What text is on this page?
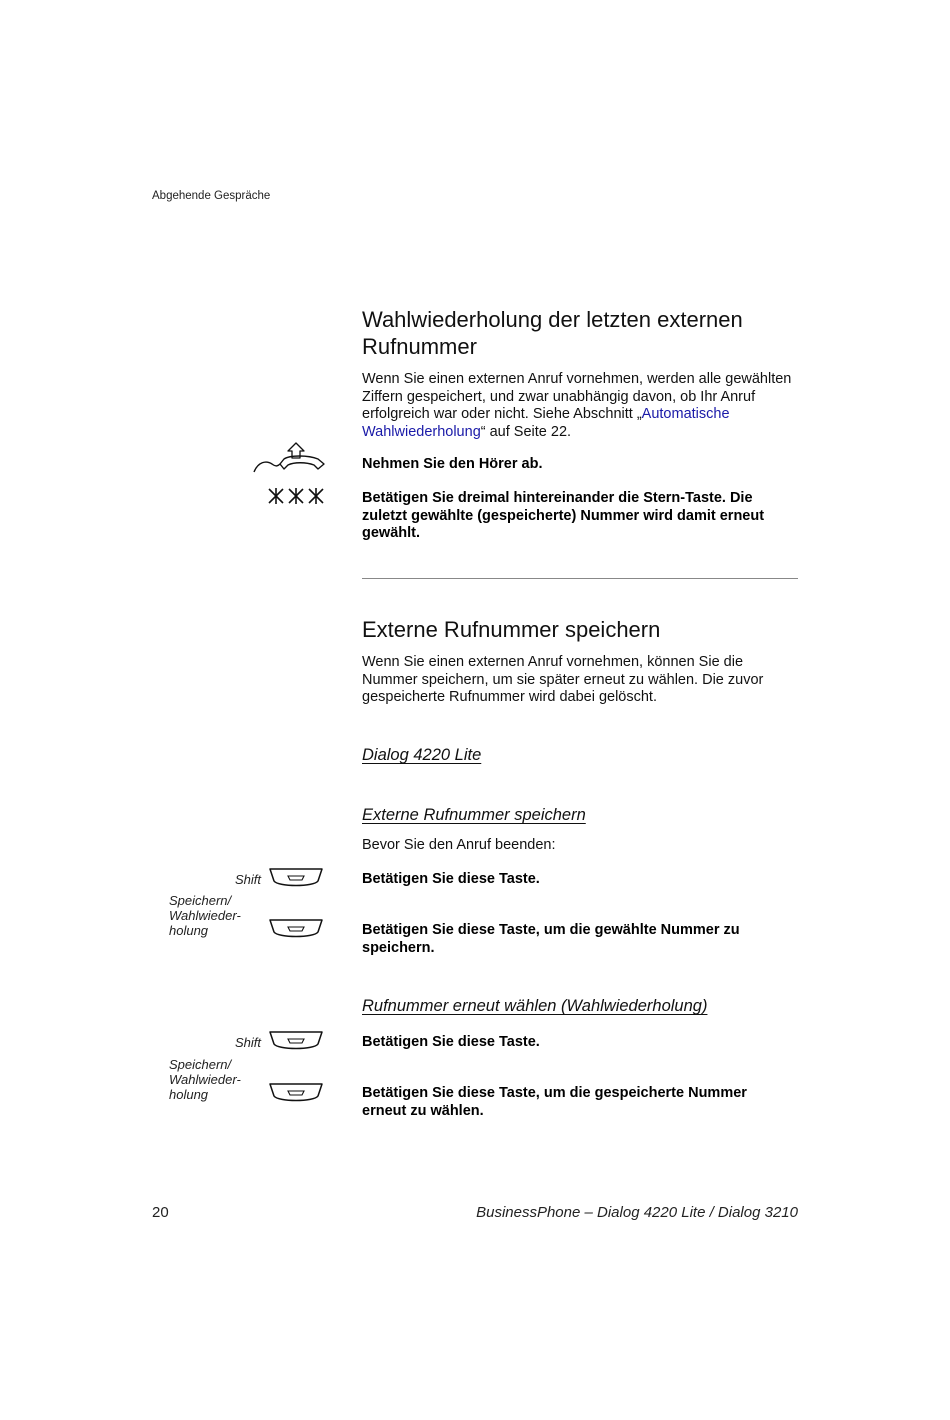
Abgehende Gespräche
Wahlwiederholung der letzten externen
Rufnummer
Wenn Sie einen externen Anruf vornehmen, werden alle gewählten
Ziffern gespeichert, und zwar unabhängig davon, ob Ihr Anruf
erfolgreich war oder nicht. Siehe Abschnitt „Automatische
Wahlwiederholung“ auf Seite 22.
Nehmen Sie den Hörer ab.
Betätigen Sie dreimal hintereinander die Stern-Taste. Die zuletzt gewählte (gespeicherte) Nummer wird damit erneut gewählt.
Externe Rufnummer speichern
Wenn Sie einen externen Anruf vornehmen, können Sie die Nummer speichern, um sie später erneut zu wählen. Die zuvor gespeicherte Rufnummer wird dabei gelöscht.
Dialog 4220 Lite
Externe Rufnummer speichern
Bevor Sie den Anruf beenden:
Shift	Betätigen Sie diese Taste.
Speichern/
Wahlwieder-
holung	Betätigen Sie diese Taste, um die gewählte Nummer zu speichern.
Rufnummer erneut wählen (Wahlwiederholung)
Shift	Betätigen Sie diese Taste.
Speichern/
Wahlwieder-
holung	Betätigen Sie diese Taste, um die gespeicherte Nummer erneut zu wählen.
20	BusinessPhone – Dialog 4220 Lite / Dialog 3210
